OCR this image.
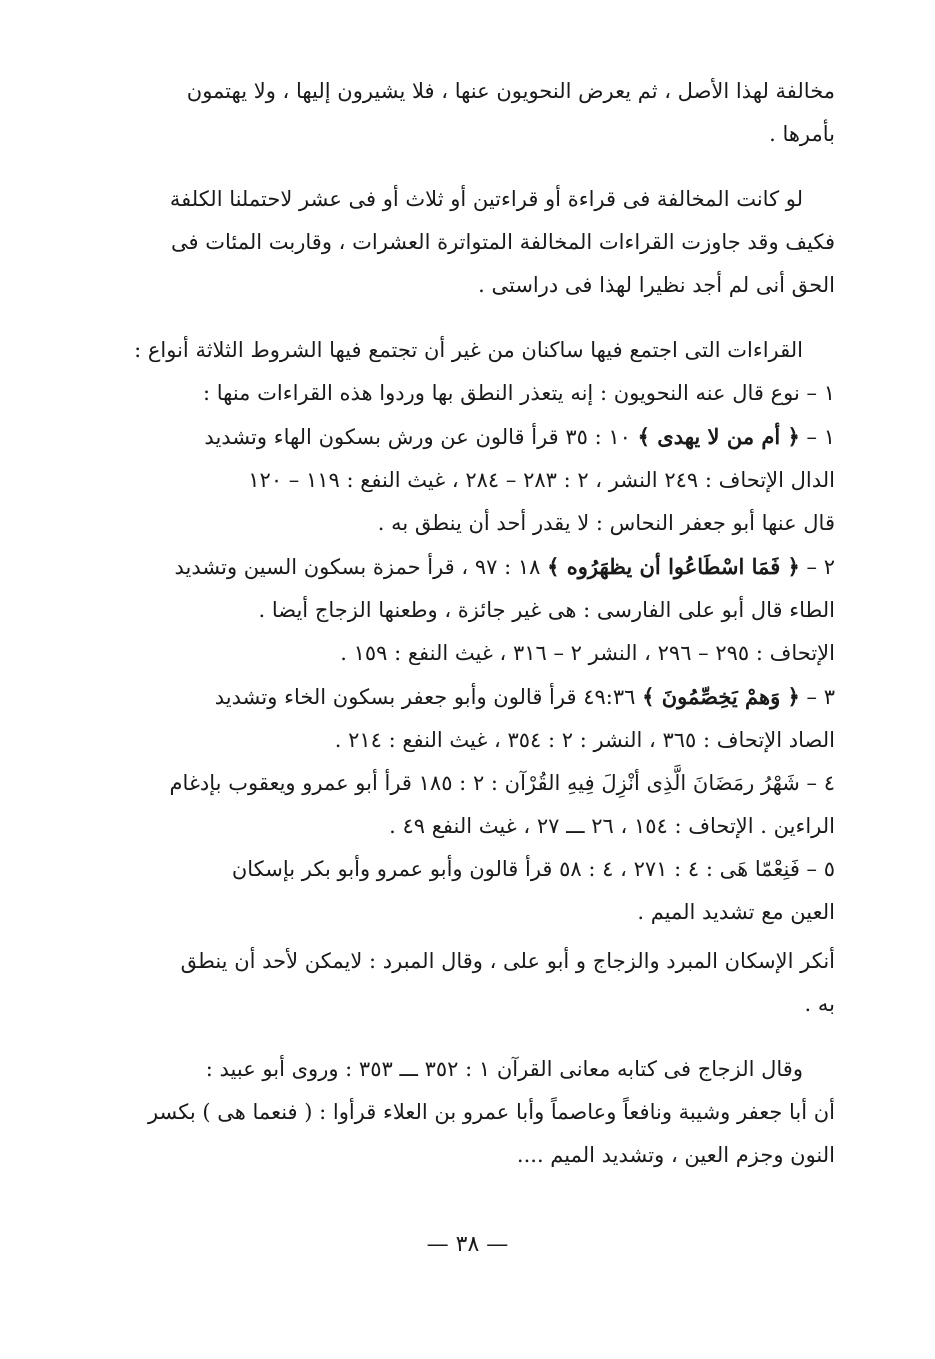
مخالفة لهذا الأصل ، ثم يعرض النحويون عنها ، فلا يشيرون إليها ، ولا يهتمون
بأمرها .
لو كانت المخالفة فى قراءة أو قراءتين أو ثلاث أو فى عشر لاحتملنا الكلفة
فكيف وقد جاوزت القراءات المخالفة المتواترة العشرات ، وقاربت المئات فى
الحق أنى لم أجد نظيرا لهذا فى دراستى .
القراءات التى اجتمع فيها ساكنان من غير أن تجتمع فيها الشروط الثلاثة أنواع :
١ – نوع قال عنه النحويون : إنه يتعذر النطق بها وردوا هذه القراءات منها :
١ – ﴿ أم من لا يهدى ﴾ ١٠ : ٣٥ قرأ قالون عن ورش بسكون الهاء وتشديد
الدال الإتحاف : ٢٤٩ النشر ، ٢ : ٢٨٣ – ٢٨٤ ، غيث النفع : ١١٩ – ١٢٠
قال عنها أبو جعفر النحاس : لا يقدر أحد أن ينطق به .
٢ – ﴿ فَمَا اسْطَاعُوا أن يظهَرُوه ﴾ ١٨ : ٩٧ ، قرأ حمزة بسكون السين وتشديد
الطاء قال أبو على الفارسى : هى غير جائزة ، وطعنها الزجاج أيضا .
الإتحاف : ٢٩٥ – ٢٩٦ ، النشر ٢ – ٣١٦ ، غيث النفع : ١٥٩ .
٣ – ﴿ وَهمْ يَخِصِّمُونَ ﴾ ٤٩:٣٦ قرأ قالون وأبو جعفر بسكون الخاء وتشديد
الصاد الإتحاف : ٣٦٥ ، النشر : ٢ : ٣٥٤ ، غيث النفع : ٢١٤ .
٤ – شَهْرُ رمَضَانَ الَّذِى أنْزِلَ فِيهِ القُرْآن : ٢ : ١٨٥ قرأ أبو عمرو ويعقوب بإدغام
الراءين . الإتحاف : ١٥٤ ، ٢٦ ـــ ٢٧ ، غيث النفع ٤٩ .
٥ – فَنِعْمّا هَى : ٤ : ٢٧١ ، ٤ : ٥٨ قرأ قالون وأبو عمرو وأبو بكر بإسكان
العين مع تشديد الميم .
أنكر الإسكان المبرد والزجاج و أبو على ، وقال المبرد : لايمكن لأحد أن ينطق
به .
وقال الزجاج فى كتابه معانى القرآن ١ : ٣٥٢ ـــ ٣٥٣ : وروى أبو عبيد :
أن أبا جعفر وشيبة ونافعاً وعاصماً وأبا عمرو بن العلاء قرأوا : ( فنعما هى ) بكسر
النون وجزم العين ، وتشديد الميم ....
— ٣٨ —
